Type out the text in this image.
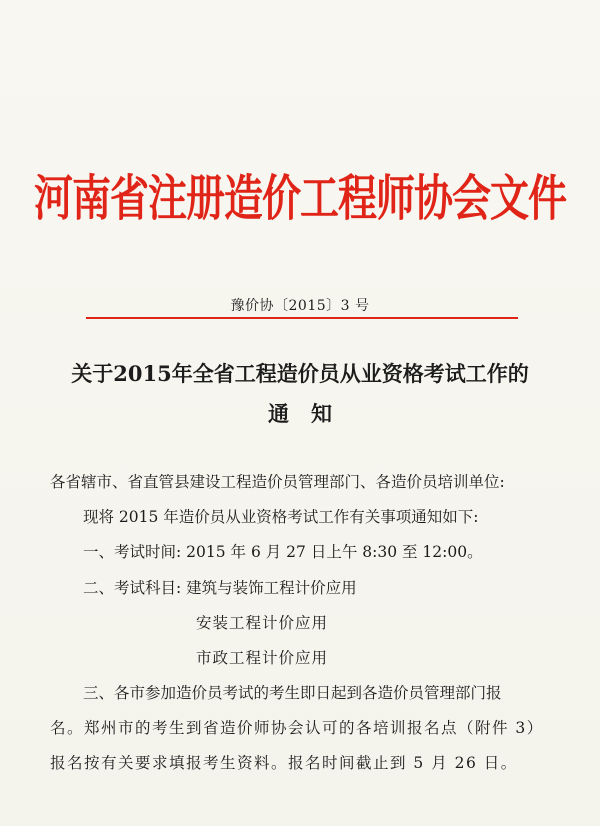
河南省注册造价工程师协会文件
豫价协〔2015〕3 号
关于2015年全省工程造价员从业资格考试工作的
通知
各省辖市、省直管县建设工程造价员管理部门、各造价员培训单位:
现将 2015 年造价员从业资格考试工作有关事项通知如下:
一、考试时间: 2015 年 6 月 27 日上午 8:30 至 12:00。
二、考试科目: 建筑与装饰工程计价应用
安装工程计价应用
市政工程计价应用
三、各市参加造价员考试的考生即日起到各造价员管理部门报
名。郑州市的考生到省造价师协会认可的各培训报名点（附件 3）
报名按有关要求填报考生资料。报名时间截止到 5 月 26 日。
